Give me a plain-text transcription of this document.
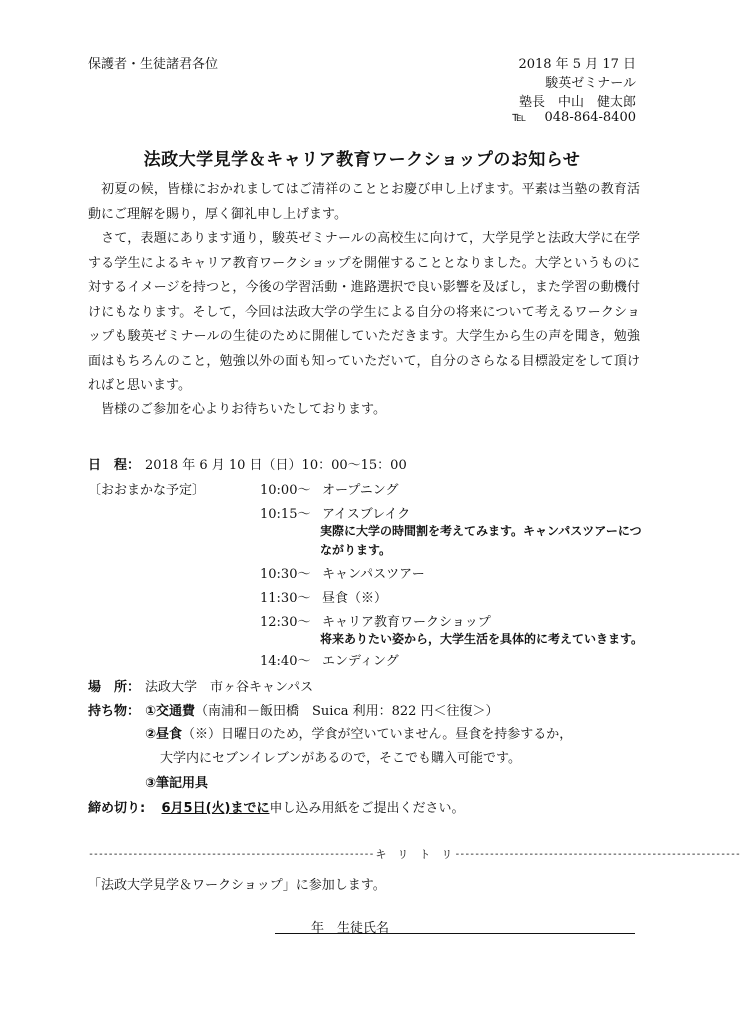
保護者・生徒諸君各位	2018 年 5 月 17 日
駿英ゼミナール
塾長　中山　健太郎
℡ 048-864-8400
法政大学見学＆キャリア教育ワークショップのお知らせ
　初夏の候，皆様におかれましてはご清祥のこととお慶び申し上げます。平素は当塾の教育活動にご理解を賜り，厚く御礼申し上げます。
　さて，表題にあります通り，駿英ゼミナールの高校生に向けて，大学見学と法政大学に在学する学生によるキャリア教育ワークショップを開催することとなりました。大学というものに対するイメージを持つと，今後の学習活動・進路選択で良い影響を及ぼし，また学習の動機付けにもなります。そして，今回は法政大学の学生による自分の将来について考えるワークショップも駿英ゼミナールの生徒のために開催していただきます。大学生から生の声を聞き，勉強面はもちろんのこと，勉強以外の面も知っていただいて，自分のさらなる目標設定をして頂ければと思います。
　皆様のご参加を心よりお待ちいたしております。
日　程： 2018 年 6 月 10 日（日）10：00〜15：00
〔おおまかな予定〕	10:00〜 オープニング
10:15〜 アイスブレイク
実際に大学の時間割を考えてみます。キャンパスツアーにつながります。
10:30〜 キャンパスツアー
11:30〜 昼食（※）
12:30〜 キャリア教育ワークショップ
将来ありたい姿から，大学生活を具体的に考えていきます。
14:40〜 エンディング
場　所： 法政大学　市ヶ谷キャンパス
持ち物： ①交通費（南浦和－飯田橋　Suica 利用：822 円＜往復＞）
②昼食（※）日曜日のため，学食が空いていません。昼食を持参するか，
大学内にセブンイレブンがあるので，そこでも購入可能です。
③筆記用具
締め切り: 6月5日(火)までに申し込み用紙をご提出ください。
---------------------------------------------------------- キ　リ　ト　リ ----------------------------------------------------------
「法政大学見学＆ワークショップ」に参加します。
年　生徒氏名
